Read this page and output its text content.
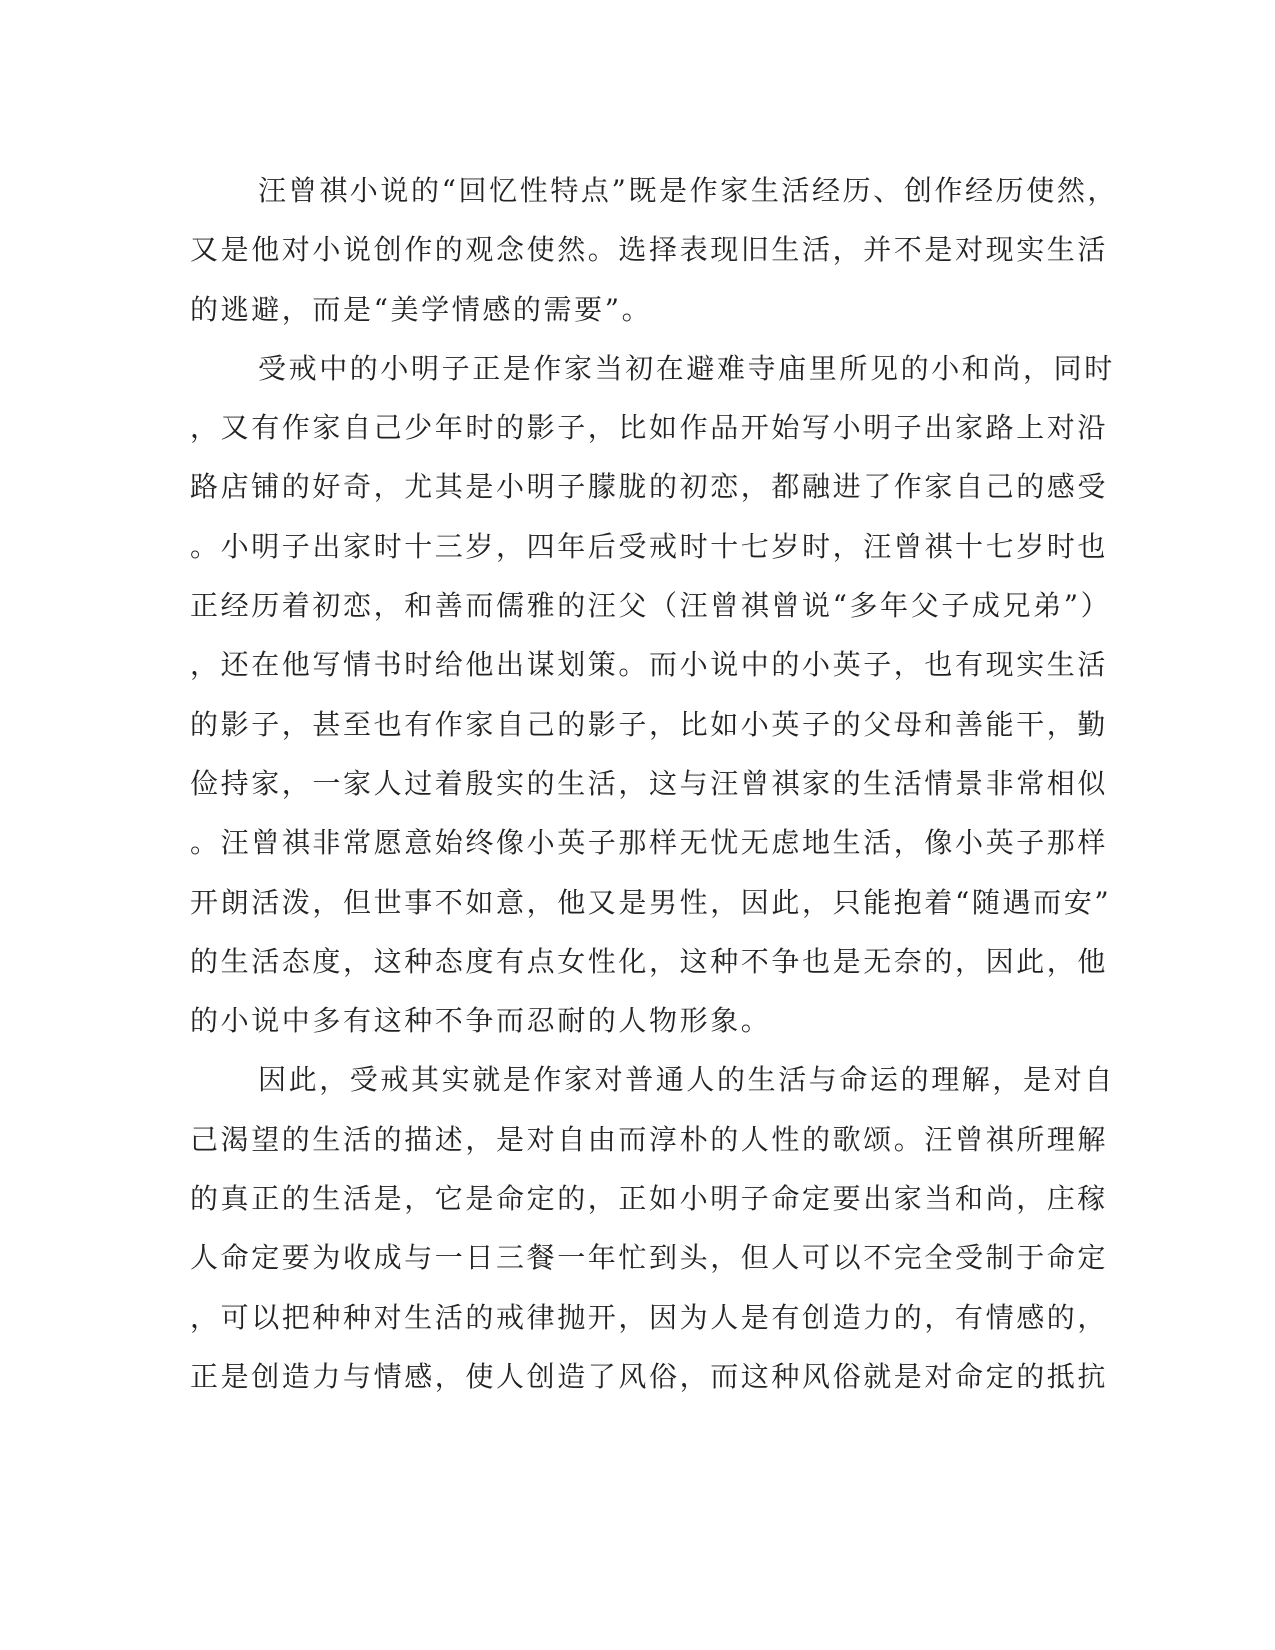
汪曾祺小说的“回忆性特点”既是作家生活经历、创作经历使然，
又是他对小说创作的观念使然。选择表现旧生活，并不是对现实生活
的逃避，而是“美学情感的需要”。
受戒中的小明子正是作家当初在避难寺庙里所见的小和尚，同时
，又有作家自己少年时的影子，比如作品开始写小明子出家路上对沿
路店铺的好奇，尤其是小明子朦胧的初恋，都融进了作家自己的感受
。小明子出家时十三岁，四年后受戒时十七岁时，汪曾祺十七岁时也
正经历着初恋，和善而儒雅的汪父（汪曾祺曾说“多年父子成兄弟”）
，还在他写情书时给他出谋划策。而小说中的小英子，也有现实生活
的影子，甚至也有作家自己的影子，比如小英子的父母和善能干，勤
俭持家，一家人过着殷实的生活，这与汪曾祺家的生活情景非常相似
。汪曾祺非常愿意始终像小英子那样无忧无虑地生活，像小英子那样
开朗活泼，但世事不如意，他又是男性，因此，只能抱着“随遇而安”
的生活态度，这种态度有点女性化，这种不争也是无奈的，因此，他
的小说中多有这种不争而忍耐的人物形象。
因此，受戒其实就是作家对普通人的生活与命运的理解，是对自
己渴望的生活的描述，是对自由而淳朴的人性的歌颂。汪曾祺所理解
的真正的生活是，它是命定的，正如小明子命定要出家当和尚，庄稼
人命定要为收成与一日三餐一年忙到头，但人可以不完全受制于命定
，可以把种种对生活的戒律抛开，因为人是有创造力的，有情感的，
正是创造力与情感，使人创造了风俗，而这种风俗就是对命定的抵抗
